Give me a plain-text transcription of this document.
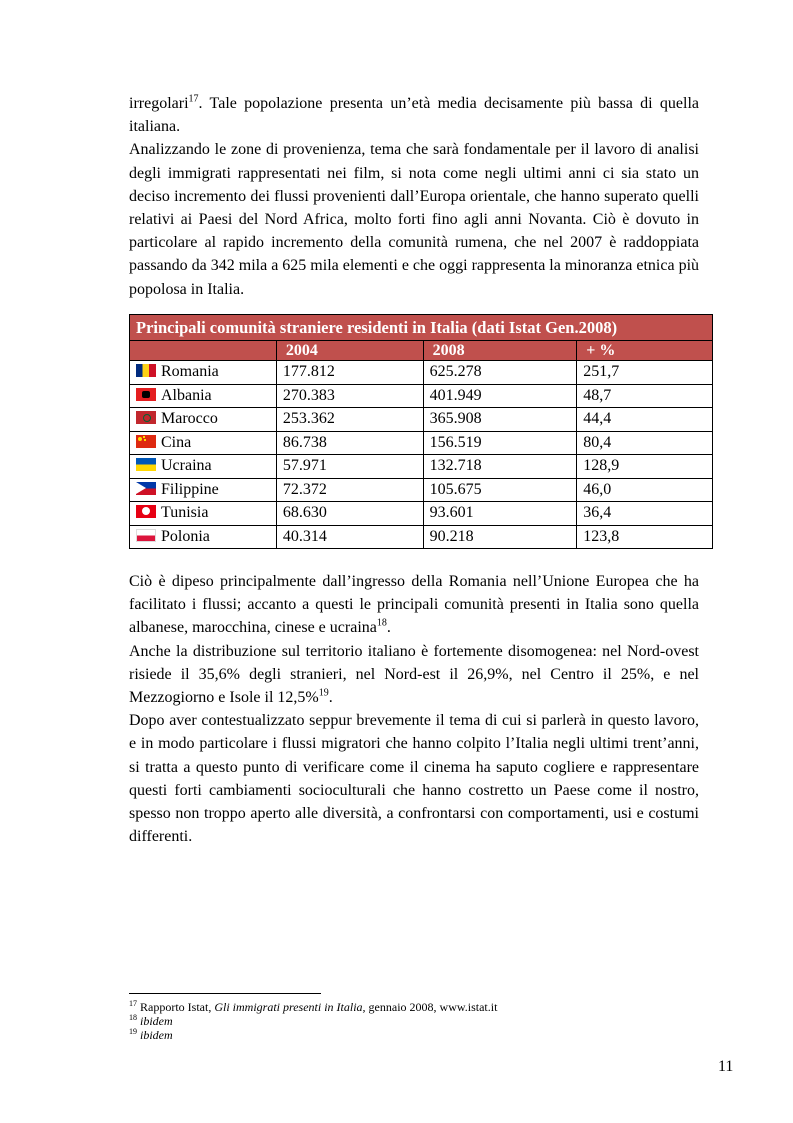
irregolari$^{17}$. Tale popolazione presenta un’età media decisamente più bassa di quella italiana.

Analizzando le zone di provenienza, tema che sarà fondamentale per il lavoro di analisi degli immigrati rappresentati nei film, si nota come negli ultimi anni ci sia stato un deciso incremento dei flussi provenienti dall’Europa orientale, che hanno superato quelli relativi ai Paesi del Nord Africa, molto forti fino agli anni Novanta. Ciò è dovuto in particolare al rapido incremento della comunità rumena, che nel 2007 è raddoppiata passando da 342 mila a 625 mila elementi e che oggi rappresenta la minoranza etnica più popolosa in Italia.

Principali comunità straniere residenti in Italia (dati Istat Gen.2008)			
	2004	2008	+ %
Romania	177.812	625.278	251,7

Albania	270.383	401.949	48,7

Marocco	253.362	365.908	44,4

Cina	86.738	156.519	80,4
Ucraina	57.971	132.718	128,9

Filippine	72.372	105.675	46,0

Tunisia	68.630	93.601	36,4
Polonia	40.314	90.218	123,8

Ciò è dipeso principalmente dall’ingresso della Romania nell’Unione Europea che ha facilitato i flussi; accanto a questi le principali comunità presenti in Italia sono quella albanese, marocchina, cinese e ucraina$^{18}$.

Anche la distribuzione sul territorio italiano è fortemente disomogenea: nel Nord-ovest risiede il 35,6% degli stranieri, nel Nord-est il 26,9%, nel Centro il 25%, e nel Mezzogiorno e Isole il 12,5%$^{19}$.

Dopo aver contestualizzato seppur brevemente il tema di cui si parlerà in questo lavoro, e in modo particolare i flussi migratori che hanno colpito l’Italia negli ultimi trent’anni, si tratta a questo punto di verificare come il cinema ha saputo cogliere e rappresentare questi forti cambiamenti socioculturali che hanno costretto un Paese come il nostro, spesso non troppo aperto alle diversità, a confrontarsi con comportamenti, usi e costumi differenti.

$^{17}$ Rapporto Istat, Gli immigrati presenti in Italia, gennaio 2008, www.istat.it
$^{18}$ ibidem
$^{19}$ ibidem
11
